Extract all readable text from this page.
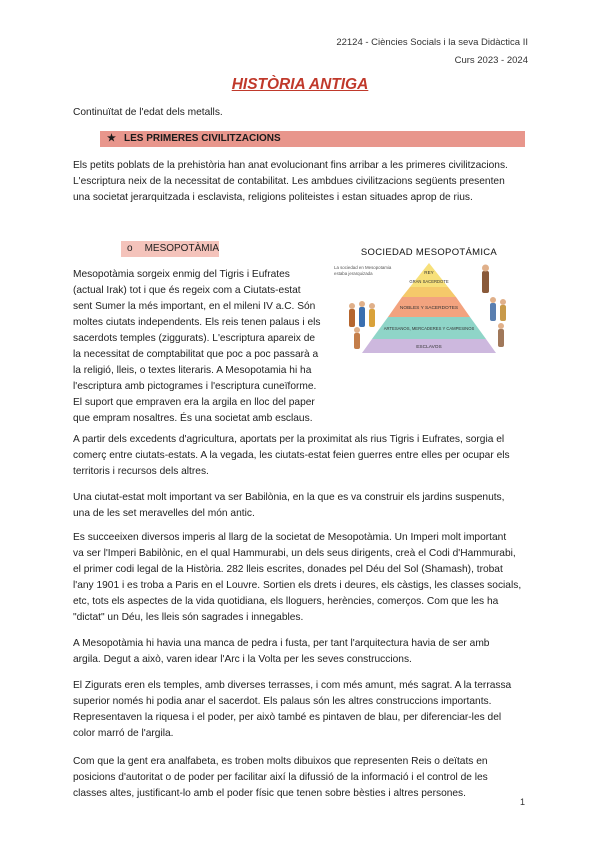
22124 - Ciències Socials i la seva Didàctica II
Curs 2023 - 2024
HISTÒRIA ANTIGA
Continuïtat de l'edat dels metalls.
★ LES PRIMERES CIVILITZACIONS
Els petits poblats de la prehistòria han anat evolucionant fins arribar a les primeres civilitzacions.
L'escriptura neix de la necessitat de contabilitat. Les ambdues civilitzacions següents presenten
una societat jerarquitzada i esclavista, religions politeistes i estan situades aprop de rius.
o MESOPOTÀMIA
Mesopotàmia sorgeix enmig del Tigris i Eufrates
(actual Irak) tot i que és regeix com a Ciutats-estat
sent Sumer la més important, en el mileni IV a.C. Són
moltes ciutats independents. Els reis tenen palaus i els
sacerdots temples (ziggurats). L'escriptura apareix de
la necessitat de comptabilitat que poc a poc passarà a
la religió, lleis, o textes literaris. A Mesopotamia hi ha
l'escriptura amb pictogrames i l'escriptura cuneïforme.
El suport que empraven era la argila en lloc del paper
que empram nosaltres. És una societat amb esclaus.
SOCIEDAD MESOPOTÁMICA
La sociedad en Mesopotamia estaba jerarquizada	REY
GRAN SACERDOTE
NOBLES Y SACERDOTES
ARTESANOS, MERCADERES Y CAMPESINOS
ESCLAVOS
A partir dels excedents d'agricultura, aportats per la proximitat als rius Tigris i Eufrates, sorgia el
comerç entre ciutats-estats. A la vegada, les ciutats-estat feien guerres entre elles per ocupar els
territoris i recursos dels altres.
Una ciutat-estat molt important va ser Babilònia, en la que es va construir els jardins suspenuts,
una de les set meravelles del món antic.
Es succeeixen diversos imperis al llarg de la societat de Mesopotàmia. Un Imperi molt important
va ser l'Imperi Babilònic, en el qual Hammurabi, un dels seus dirigents, creà el Codi d'Hammurabi,
el primer codi legal de la Història. 282 lleis escrites, donades pel Déu del Sol (Shamash), trobat
l'any 1901 i es troba a Paris en el Louvre. Sortien els drets i deures, els càstigs, les classes socials,
etc, tots els aspectes de la vida quotidiana, els lloguers, herències, comerços. Com que les ha
"dictat" un Déu, les lleis són sagrades i innegables.
A Mesopotàmia hi havia una manca de pedra i fusta, per tant l'arquitectura havia de ser amb
argila. Degut a això, varen idear l'Arc i la Volta per les seves construccions.
El Zigurats eren els temples, amb diverses terrasses, i com més amunt, més sagrat. A la terrassa
superior només hi podia anar el sacerdot. Els palaus són les altres construccions importants.
Representaven la riquesa i el poder, per això també es pintaven de blau, per diferenciar-les del
color marró de l'argila.
Com que la gent era analfabeta, es troben molts dibuixos que representen Reis o deïtats en
posicions d'autoritat o de poder per facilitar així la difussió de la informació i el control de les
classes altes, justificant-lo amb el poder físic que tenen sobre bèsties i altres persones.
1
